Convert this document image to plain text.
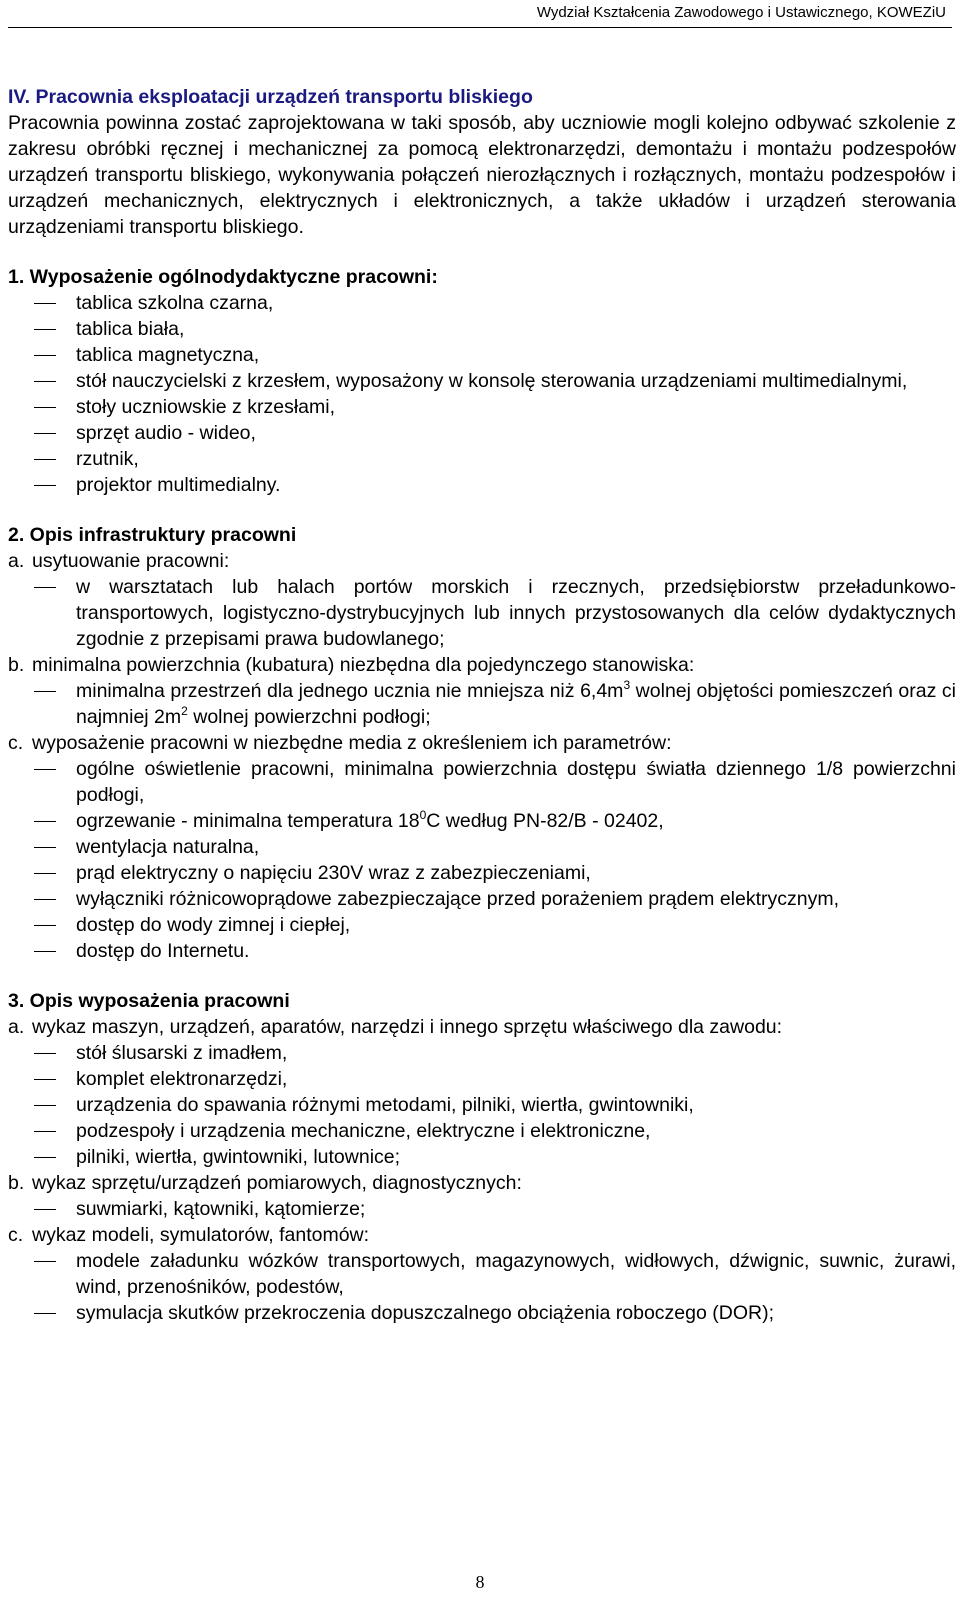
Wydział Kształcenia Zawodowego i Ustawicznego, KOWEZiU

IV. Pracownia eksploatacji urządzeń transportu bliskiego

Pracownia powinna zostać zaprojektowana w taki sposób, aby uczniowie mogli kolejno odbywać szkolenie z zakresu obróbki ręcznej i mechanicznej za pomocą elektronarzędzi, demontażu i montażu podzespołów urządzeń transportu bliskiego, wykonywania połączeń nierozłącznych i rozłącznych, montażu podzespołów i urządzeń mechanicznych, elektrycznych i elektronicznych, a także układów i urządzeń sterowania urządzeniami transportu bliskiego.

1. Wyposażenie ogólnodydaktyczne pracowni:

tablica szkolna czarna,
tablica biała,
tablica magnetyczna,
stół nauczycielski z krzesłem, wyposażony w konsolę sterowania urządzeniami multimedialnymi,
stoły uczniowskie z krzesłami,
sprzęt audio - wideo,
rzutnik,
projektor multimedialny.

2. Opis infrastruktury pracowni

a. usytuowanie pracowni:
w warsztatach lub halach portów morskich i rzecznych, przedsiębiorstw przeładunkowo-transportowych, logistyczno-dystrybucyjnych lub innych przystosowanych dla celów dydaktycznych zgodnie z przepisami prawa budowlanego;
b. minimalna powierzchnia (kubatura) niezbędna dla pojedynczego stanowiska:
minimalna przestrzeń dla jednego ucznia nie mniejsza niż $6,4m^3$ wolnej objętości pomieszczeń oraz ci najmniej $2m^2$ wolnej powierzchni podłogi;
c. wyposażenie pracowni w niezbędne media z określeniem ich parametrów:
ogólne oświetlenie pracowni, minimalna powierzchnia dostępu światła dziennego 1/8 powierzchni podłogi,
ogrzewanie - minimalna temperatura $18^0C$ według PN-82/B - 02402,
wentylacja naturalna,
prąd elektryczny o napięciu 230V wraz z zabezpieczeniami,
wyłączniki różnicowoprądowe zabezpieczające przed porażeniem prądem elektrycznym,
dostęp do wody zimnej i ciepłej,
dostęp do Internetu.

3. Opis wyposażenia pracowni

a. wykaz maszyn, urządzeń, aparatów, narzędzi i innego sprzętu właściwego dla zawodu:
stół ślusarski z imadłem,
komplet elektronarzędzi,
urządzenia do spawania różnymi metodami, pilniki, wiertła, gwintowniki,
podzespoły i urządzenia mechaniczne, elektryczne i elektroniczne,
pilniki, wiertła, gwintowniki, lutownice;
b. wykaz sprzętu/urządzeń pomiarowych, diagnostycznych:
suwmiarki, kątowniki, kątomierze;
c. wykaz modeli, symulatorów, fantomów:
modele załadunku wózków transportowych, magazynowych, widłowych, dźwignic, suwnic, żurawi, wind, przenośników, podestów,
symulacja skutków przekroczenia dopuszczalnego obciążenia roboczego (DOR);
8
